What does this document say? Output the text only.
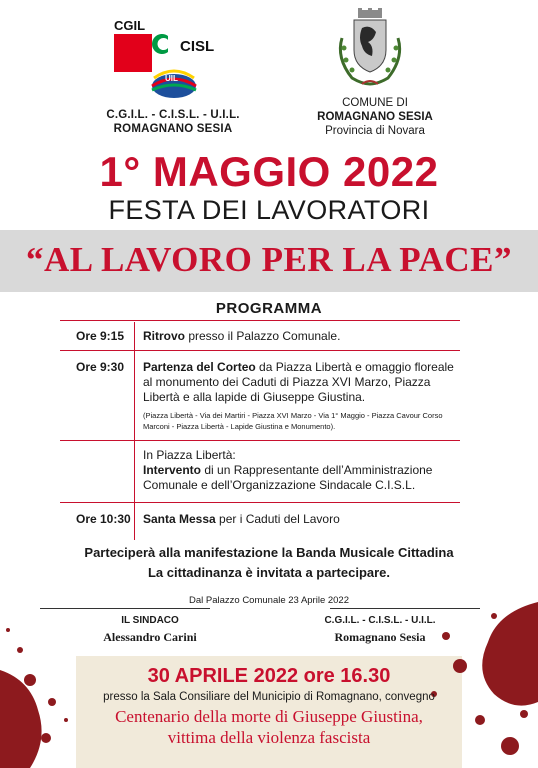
CGIL
CISL
UIL
C.G.I.L. - C.I.S.L. - U.I.L.
ROMAGNANO SESIA
COMUNE DI
ROMAGNANO SESIA
Provincia di Novara
1° MAGGIO 2022
FESTA DEI LAVORATORI
“AL LAVORO PER LA PACE”
PROGRAMMA
Ore 9:15 Ritrovo presso il Palazzo Comunale.
Ore 9:30 Partenza del Corteo da Piazza Libertà e omaggio floreale al monumento dei Caduti di Piazza XVI Marzo, Piazza Libertà e alla lapide di Giuseppe Giustina.
(Piazza Libertà - Via dei Martiri - Piazza XVI Marzo - Via 1° Maggio - Piazza Cavour Corso Marconi - Piazza Libertà - Lapide Giustina e Monumento).
In Piazza Libertà:
Intervento di un Rappresentante dell’Amministrazione Comunale e dell’Organizzazione Sindacale C.I.S.L.
Ore 10:30 Santa Messa per i Caduti del Lavoro
Parteciperà alla manifestazione la Banda Musicale Cittadina
La cittadinanza è invitata a partecipare.
Dal Palazzo Comunale 23 Aprile 2022
IL SINDACO
Alessandro Carini
C.G.I.L. - C.I.S.L. - U.I.L.
Romagnano Sesia
30 APRILE 2022 ore 16.30
presso la Sala Consiliare del Municipio di Romagnano, convegno
Centenario della morte di Giuseppe Giustina,
vittima della violenza fascista
